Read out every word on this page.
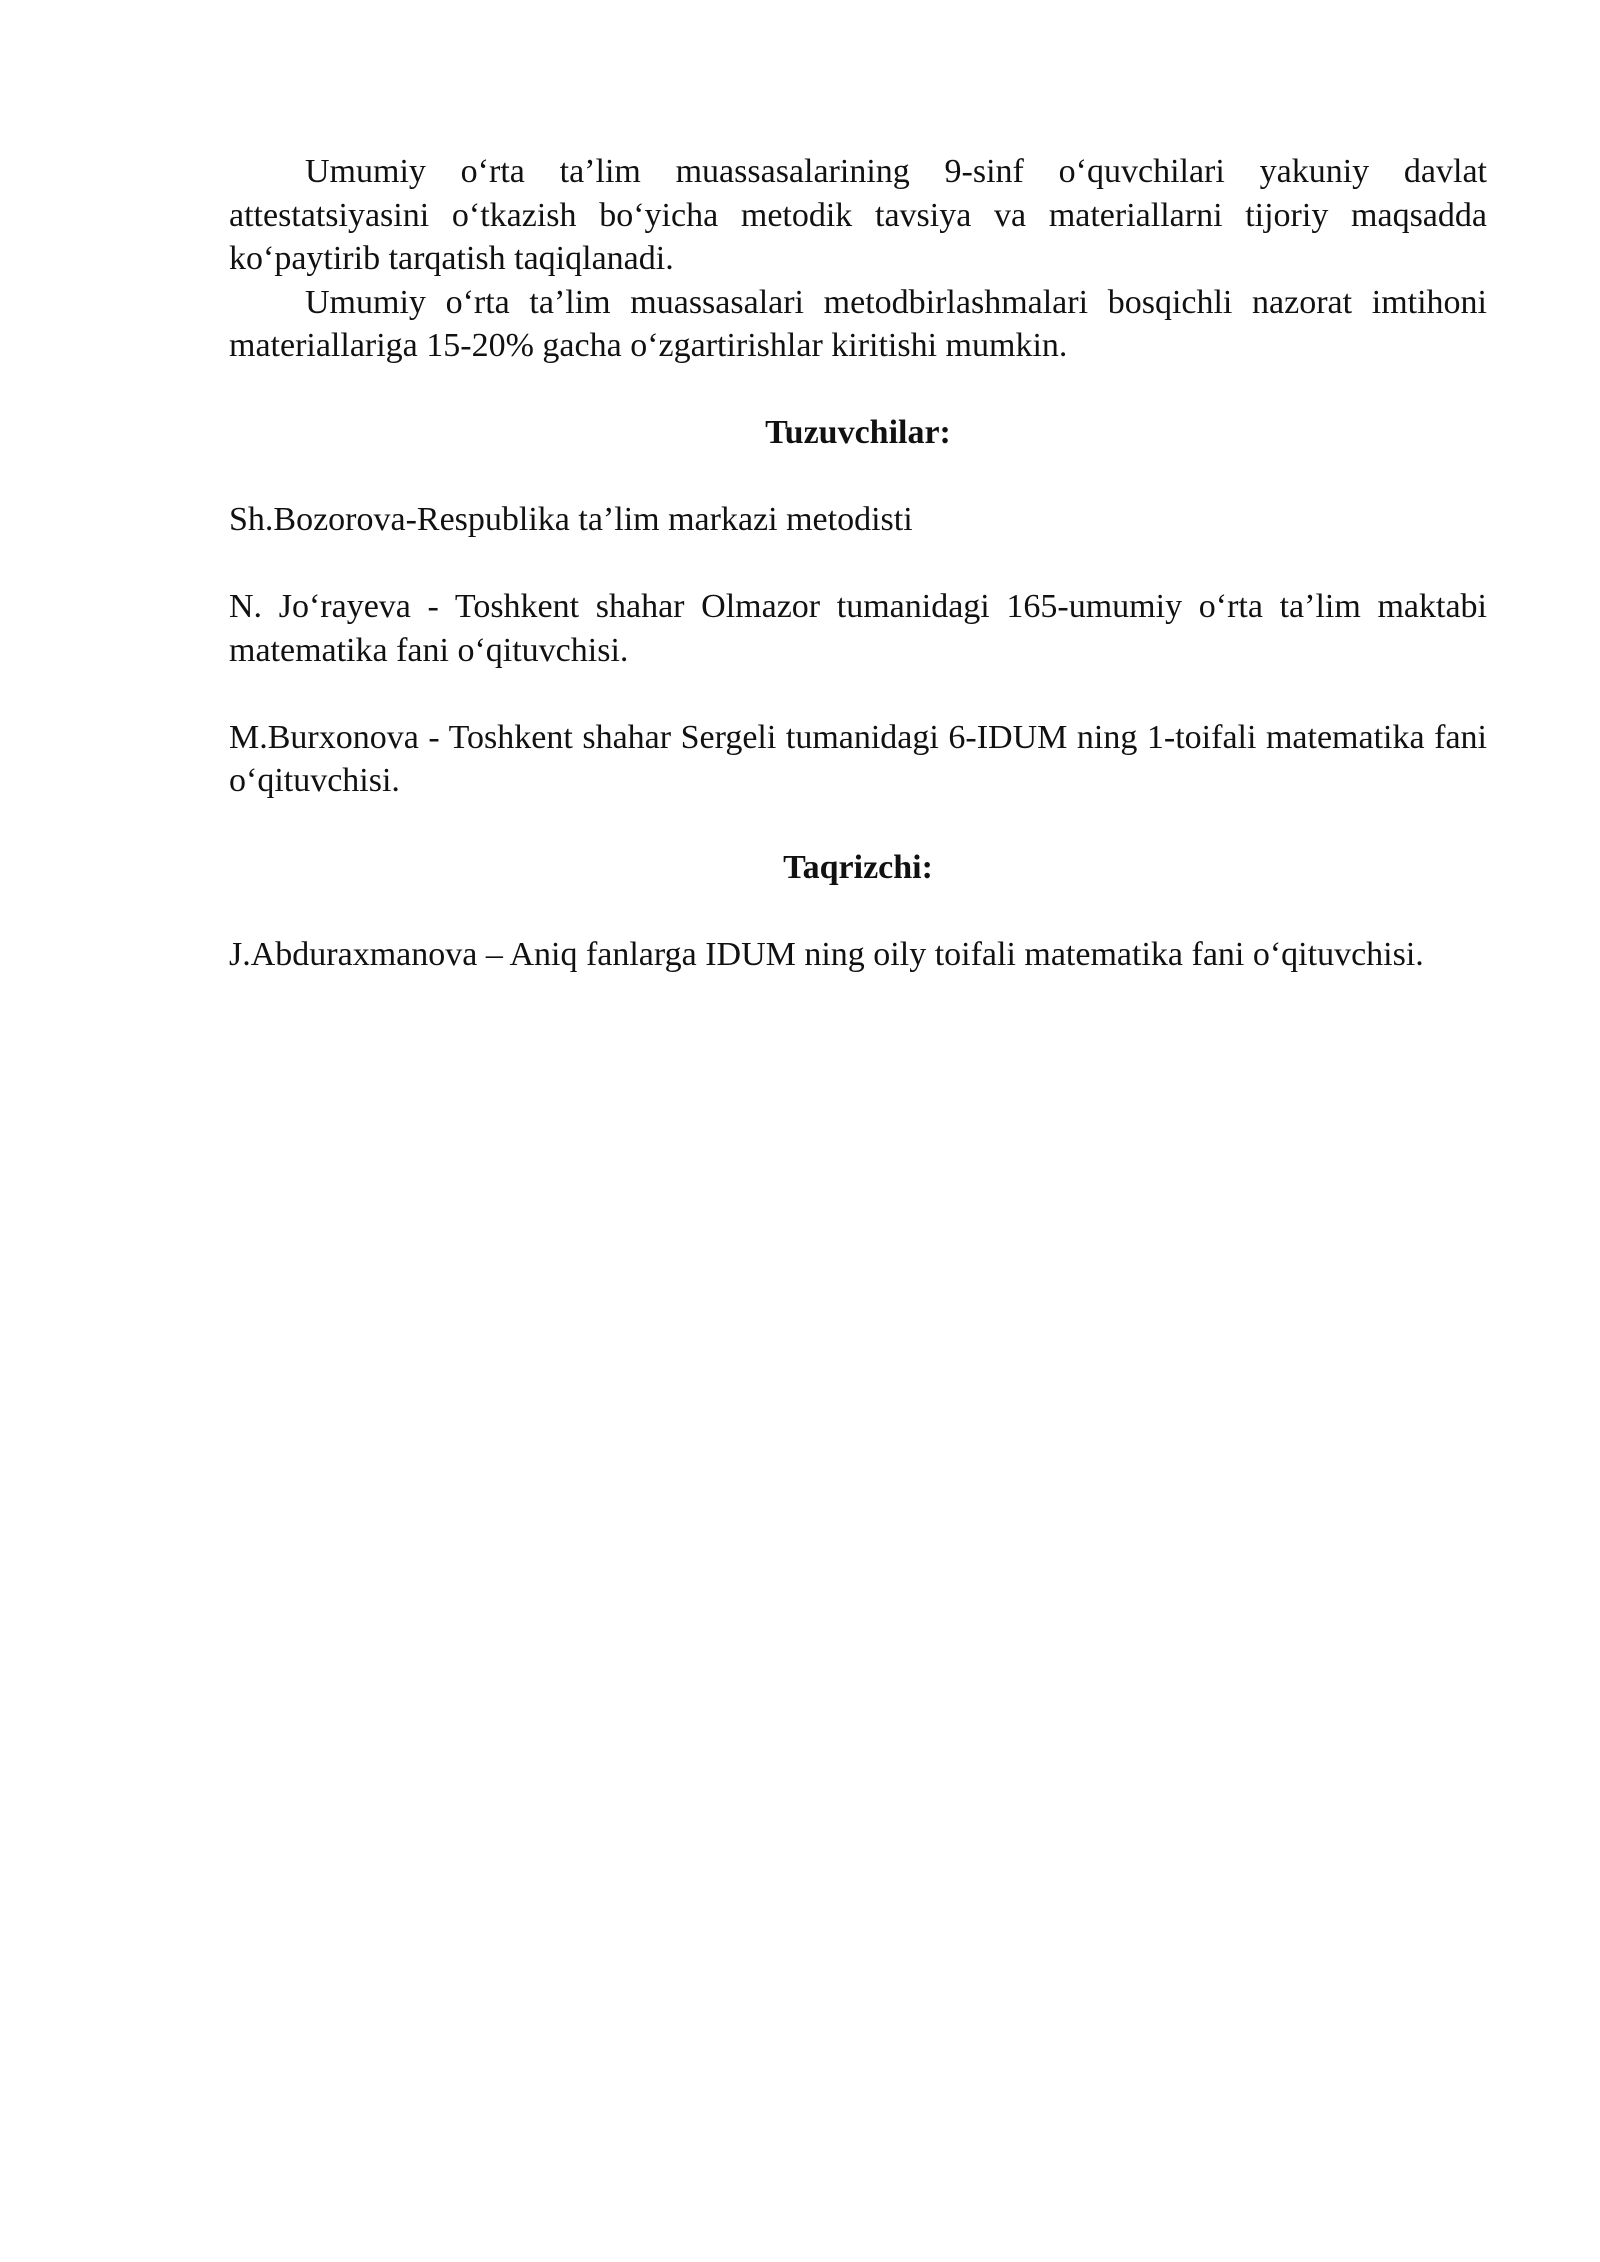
Umumiy o‘rta ta’lim muassasalarining 9-sinf o‘quvchilari yakuniy davlat attestatsiyasini o‘tkazish bo‘yicha metodik tavsiya va materiallarni tijoriy maqsadda ko‘paytirib tarqatish taqiqlanadi.

Umumiy o‘rta ta’lim muassasalari metodbirlashmalari bosqichli nazorat imtihoni materiallariga 15-20% gacha o‘zgartirishlar kiritishi mumkin.

Tuzuvchilar:

Sh.Bozorova-Respublika ta’lim markazi metodisti

N. Jo‘rayeva - Toshkent shahar Olmazor tumanidagi 165-umumiy o‘rta ta’lim maktabi matematika fani o‘qituvchisi.

M.Burxonova - Toshkent shahar Sergeli tumanidagi 6-IDUM ning 1-toifali matematika fani o‘qituvchisi.

Taqrizchi:

J.Abduraxmanova – Aniq fanlarga IDUM ning oily toifali matematika fani o‘qituvchisi.
